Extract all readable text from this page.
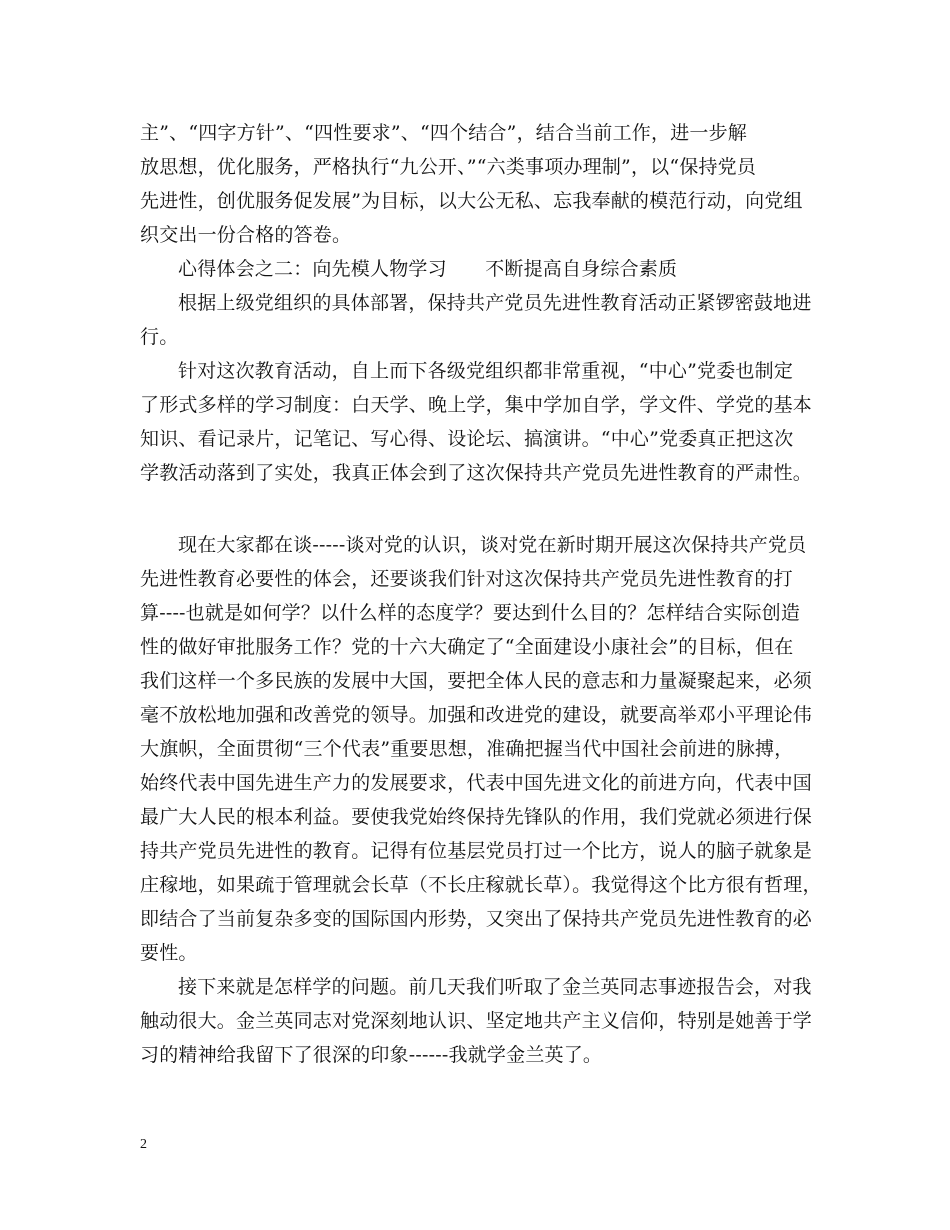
主”、“四字方针”、“四性要求”、“四个结合”，结合当前工作，进一步解
放思想，优化服务，严格执行“九公开、”“六类事项办理制”，以“保持党员
先进性，创优服务促发展”为目标，以大公无私、忘我奉献的模范行动，向党组
织交出一份合格的答卷。
心得体会之二：向先模人物学习　　不断提高自身综合素质
根据上级党组织的具体部署，保持共产党员先进性教育活动正紧锣密鼓地进
行。
针对这次教育活动，自上而下各级党组织都非常重视，“中心”党委也制定
了形式多样的学习制度：白天学、晚上学，集中学加自学，学文件、学党的基本
知识、看记录片，记笔记、写心得、设论坛、搞演讲。“中心”党委真正把这次
学教活动落到了实处，我真正体会到了这次保持共产党员先进性教育的严肃性。
现在大家都在谈-----谈对党的认识，谈对党在新时期开展这次保持共产党员
先进性教育必要性的体会，还要谈我们针对这次保持共产党员先进性教育的打
算----也就是如何学？以什么样的态度学？要达到什么目的？怎样结合实际创造
性的做好审批服务工作？党的十六大确定了“全面建设小康社会”的目标，但在
我们这样一个多民族的发展中大国，要把全体人民的意志和力量凝聚起来，必须
毫不放松地加强和改善党的领导。加强和改进党的建设，就要高举邓小平理论伟
大旗帜，全面贯彻“三个代表”重要思想，准确把握当代中国社会前进的脉搏，
始终代表中国先进生产力的发展要求，代表中国先进文化的前进方向，代表中国
最广大人民的根本利益。要使我党始终保持先锋队的作用，我们党就必须进行保
持共产党员先进性的教育。记得有位基层党员打过一个比方，说人的脑子就象是
庄稼地，如果疏于管理就会长草（不长庄稼就长草）。我觉得这个比方很有哲理，
即结合了当前复杂多变的国际国内形势，又突出了保持共产党员先进性教育的必
要性。
接下来就是怎样学的问题。前几天我们听取了金兰英同志事迹报告会，对我
触动很大。金兰英同志对党深刻地认识、坚定地共产主义信仰，特别是她善于学
习的精神给我留下了很深的印象------我就学金兰英了。
2
